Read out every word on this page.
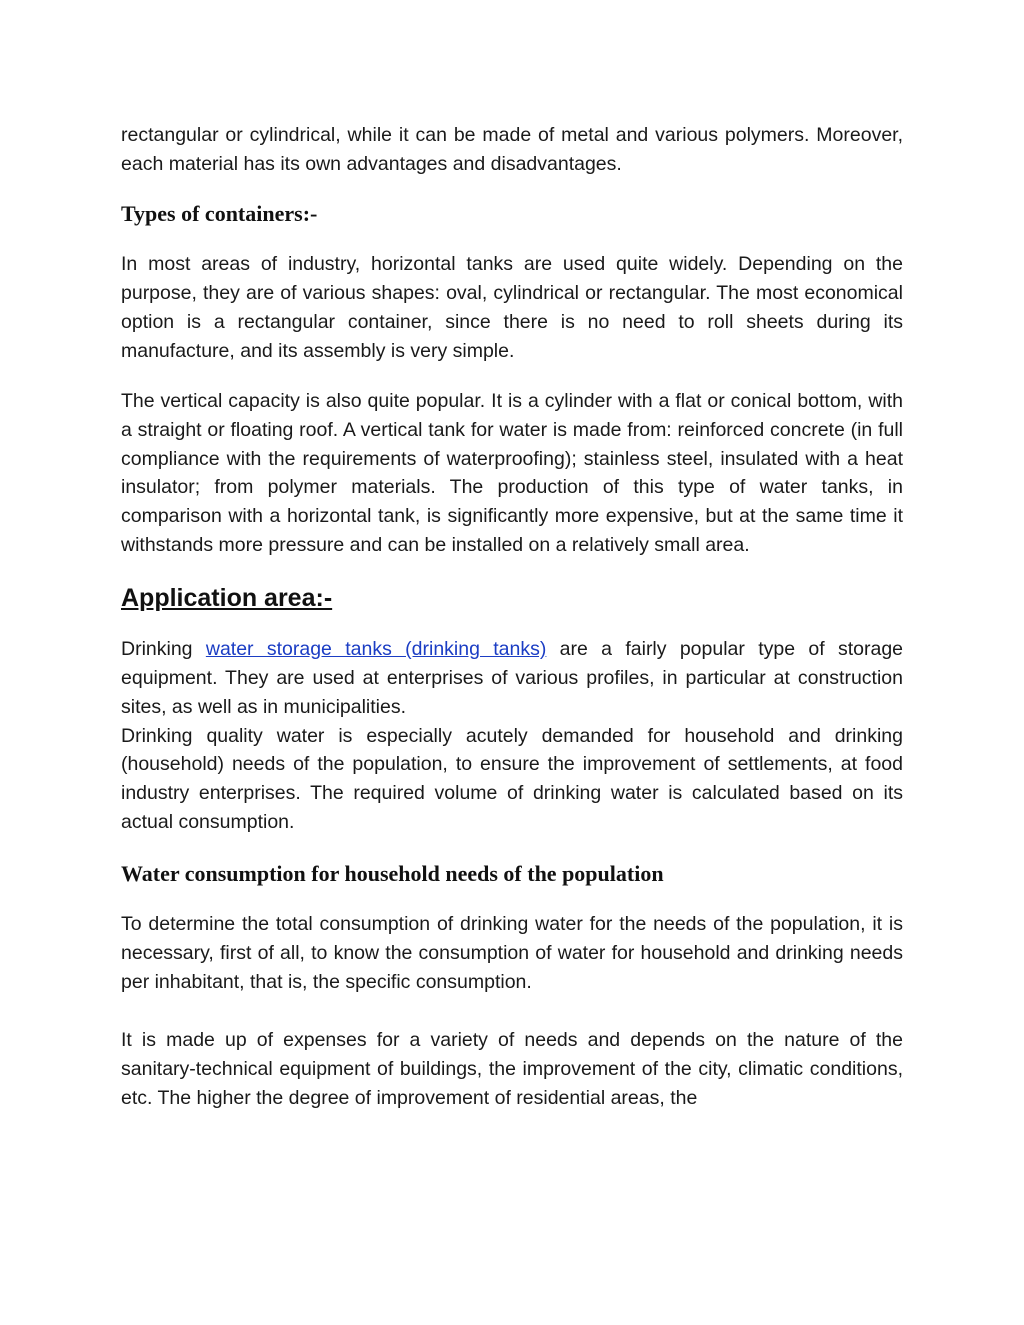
rectangular or cylindrical, while it can be made of metal and various polymers. Moreover, each material has its own advantages and disadvantages.

Types of containers:-

In most areas of industry, horizontal tanks are used quite widely. Depending on the purpose, they are of various shapes: oval, cylindrical or rectangular. The most economical option is a rectangular container, since there is no need to roll sheets during its manufacture, and its assembly is very simple.

The vertical capacity is also quite popular. It is a cylinder with a flat or conical bottom, with a straight or floating roof. A vertical tank for water is made from: reinforced concrete (in full compliance with the requirements of waterproofing); stainless steel, insulated with a heat insulator; from polymer materials. The production of this type of water tanks, in comparison with a horizontal tank, is significantly more expensive, but at the same time it withstands more pressure and can be installed on a relatively small area.

Application area:-

Drinking water storage tanks (drinking tanks) are a fairly popular type of storage equipment. They are used at enterprises of various profiles, in particular at construction sites, as well as in municipalities.

Drinking quality water is especially acutely demanded for household and drinking (household) needs of the population, to ensure the improvement of settlements, at food industry enterprises. The required volume of drinking water is calculated based on its actual consumption.

Water consumption for household needs of the population

To determine the total consumption of drinking water for the needs of the population, it is necessary, first of all, to know the consumption of water for household and drinking needs per inhabitant, that is, the specific consumption.

It is made up of expenses for a variety of needs and depends on the nature of the sanitary-technical equipment of buildings, the improvement of the city, climatic conditions, etc. The higher the degree of improvement of residential areas, the
